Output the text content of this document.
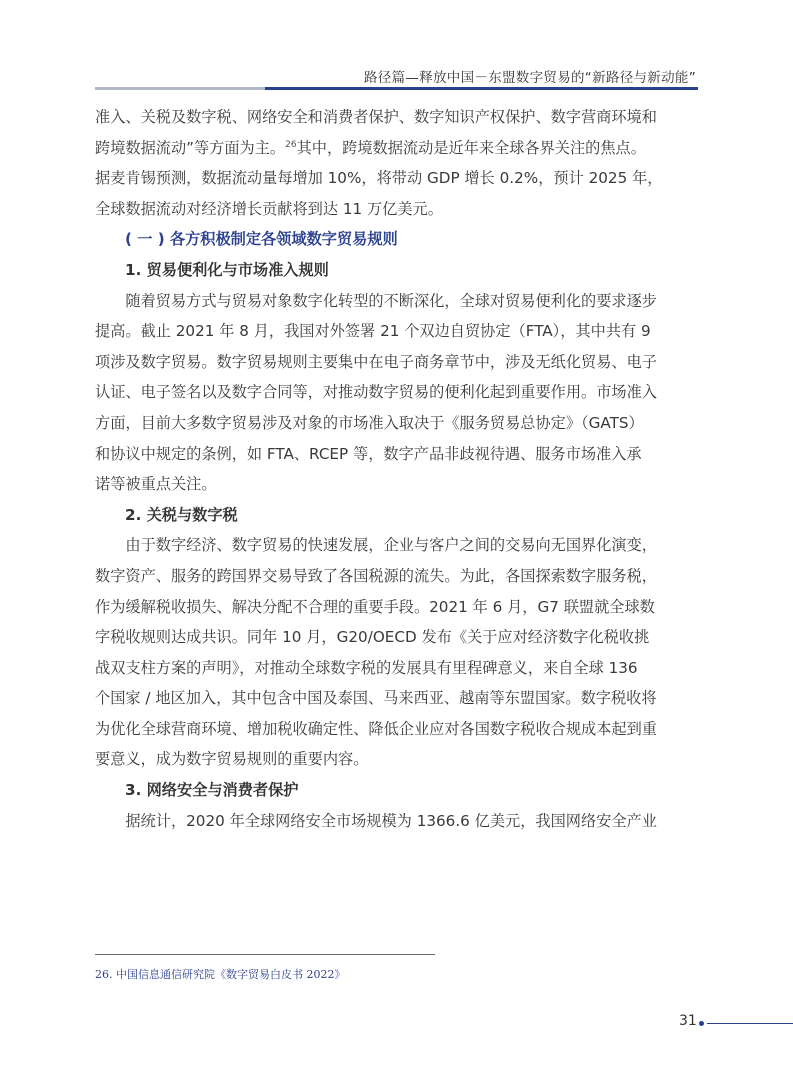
路径篇—释放中国－东盟数字贸易的“新路径与新动能”

准入、关税及数字税、网络安全和消费者保护、数字知识产权保护、数字营商环境和
跨境数据流动”等方面为主。$^{26}$其中，跨境数据流动是近年来全球各界关注的焦点。
据麦肯锡预测，数据流动量每增加 10%，将带动 GDP 增长 0.2%，预计 2025 年，
全球数据流动对经济增长贡献将到达 11 万亿美元。

( 一 ) 各方积极制定各领域数字贸易规则

1. 贸易便利化与市场准入规则

随着贸易方式与贸易对象数字化转型的不断深化，全球对贸易便利化的要求逐步
提高。截止 2021 年 8 月，我国对外签署 21 个双边自贸协定（FTA），其中共有 9
项涉及数字贸易。数字贸易规则主要集中在电子商务章节中，涉及无纸化贸易、电子
认证、电子签名以及数字合同等，对推动数字贸易的便利化起到重要作用。市场准入
方面，目前大多数字贸易涉及对象的市场准入取决于《服务贸易总协定》（GATS）
和协议中规定的条例，如 FTA、RCEP 等，数字产品非歧视待遇、服务市场准入承
诺等被重点关注。

2. 关税与数字税

由于数字经济、数字贸易的快速发展，企业与客户之间的交易向无国界化演变，
数字资产、服务的跨国界交易导致了各国税源的流失。为此，各国探索数字服务税，
作为缓解税收损失、解决分配不合理的重要手段。2021 年 6 月，G7 联盟就全球数
字税收规则达成共识。同年 10 月，G20/OECD 发布《关于应对经济数字化税收挑
战双支柱方案的声明》，对推动全球数字税的发展具有里程碑意义，来自全球 136
个国家 / 地区加入，其中包含中国及泰国、马来西亚、越南等东盟国家。数字税收将
为优化全球营商环境、增加税收确定性、降低企业应对各国数字税收合规成本起到重
要意义，成为数字贸易规则的重要内容。

3. 网络安全与消费者保护

据统计，2020 年全球网络安全市场规模为 1366.6 亿美元，我国网络安全产业

26. 中国信息通信研究院《数字贸易白皮书 2022》
31
